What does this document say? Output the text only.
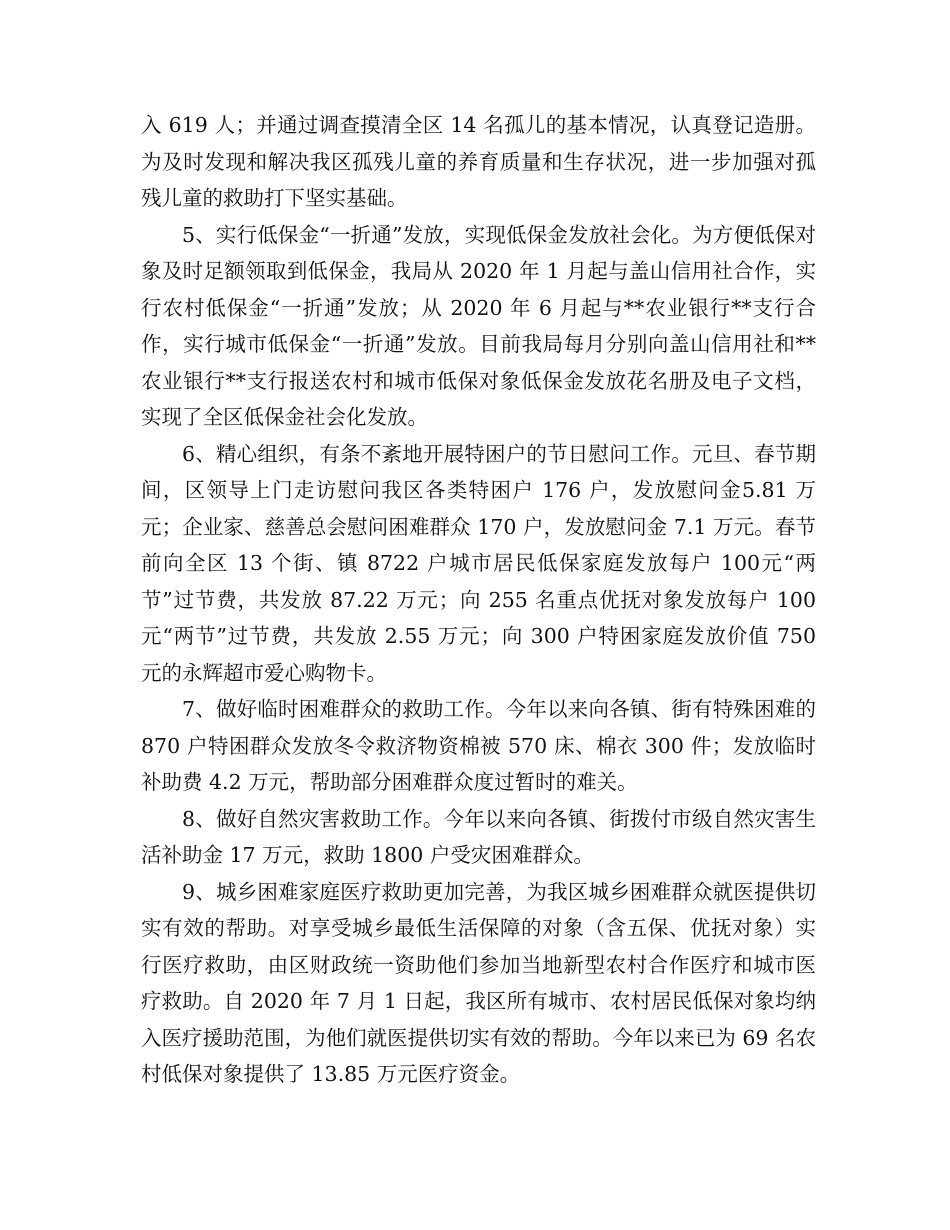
入 619 人；并通过调查摸清全区 14 名孤儿的基本情况，认真登记造册。为及时发现和解决我区孤残儿童的养育质量和生存状况，进一步加强对孤残儿童的救助打下坚实基础。

5、实行低保金“一折通”发放，实现低保金发放社会化。为方便低保对象及时足额领取到低保金，我局从 2020 年 1 月起与盖山信用社合作，实行农村低保金“一折通”发放；从 2020 年 6 月起与**农业银行**支行合作，实行城市低保金“一折通”发放。目前我局每月分别向盖山信用社和**农业银行**支行报送农村和城市低保对象低保金发放花名册及电子文档，实现了全区低保金社会化发放。

6、精心组织，有条不紊地开展特困户的节日慰问工作。元旦、春节期间，区领导上门走访慰问我区各类特困户 176 户，发放慰问金5.81 万元；企业家、慈善总会慰问困难群众 170 户，发放慰问金 7.1 万元。春节前向全区 13 个街、镇 8722 户城市居民低保家庭发放每户 100元“两节”过节费，共发放 87.22 万元；向 255 名重点优抚对象发放每户 100 元“两节”过节费，共发放 2.55 万元；向 300 户特困家庭发放价值 750 元的永辉超市爱心购物卡。

7、做好临时困难群众的救助工作。今年以来向各镇、街有特殊困难的 870 户特困群众发放冬令救济物资棉被 570 床、棉衣 300 件；发放临时补助费 4.2 万元，帮助部分困难群众度过暂时的难关。

8、做好自然灾害救助工作。今年以来向各镇、街拨付市级自然灾害生活补助金 17 万元，救助 1800 户受灾困难群众。

9、城乡困难家庭医疗救助更加完善，为我区城乡困难群众就医提供切实有效的帮助。对享受城乡最低生活保障的对象（含五保、优抚对象）实行医疗救助，由区财政统一资助他们参加当地新型农村合作医疗和城市医疗救助。自 2020 年 7 月 1 日起，我区所有城市、农村居民低保对象均纳入医疗援助范围，为他们就医提供切实有效的帮助。今年以来已为 69 名农村低保对象提供了 13.85 万元医疗资金。
